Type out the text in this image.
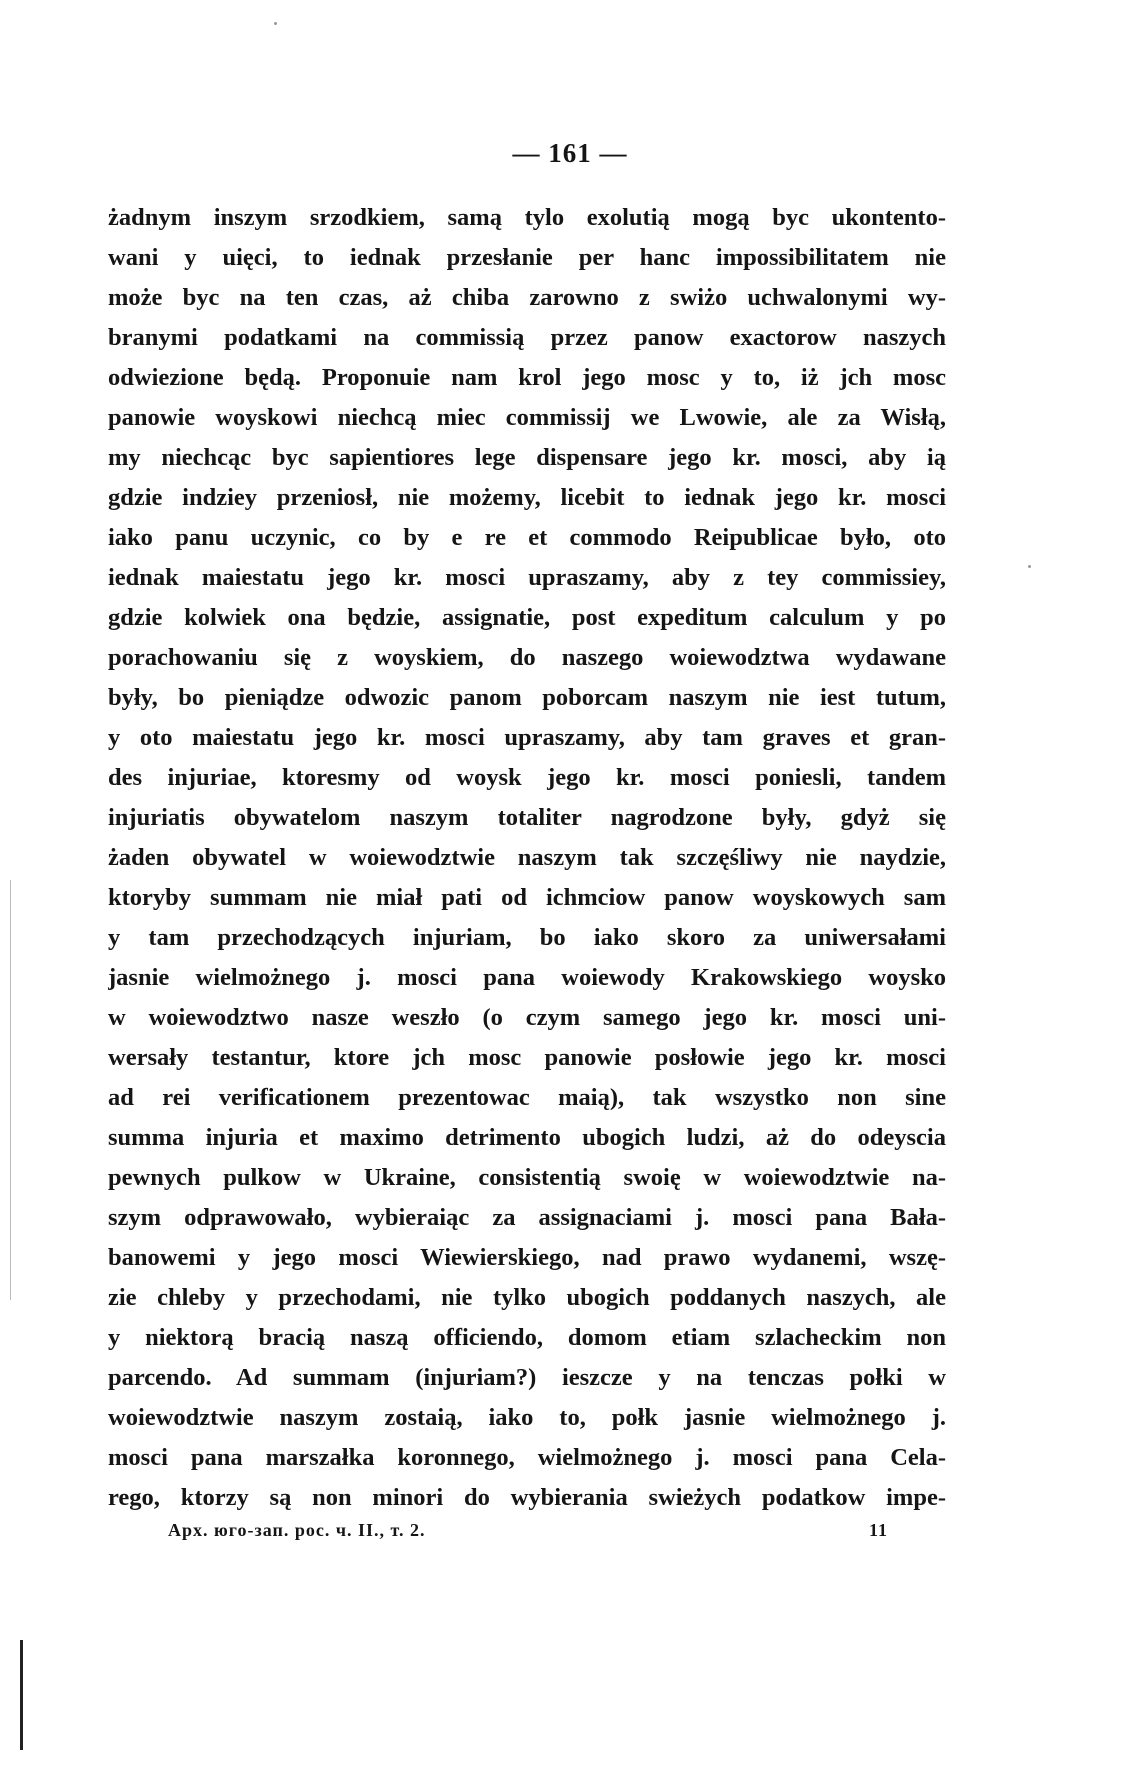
— 161 —
żadnym inszym srzodkiem, samą tylo exolutią mogą byc ukontento-
wani y uięci, to iednak przesłanie per hanc impossibilitatem nie
może byc na ten czas, aż chiba zarowno z swiżo uchwalonymi wy-
branymi podatkami na commissią przez panow exactorow naszych
odwiezione będą. Proponuie nam krol jego mosc y to, iż jch mosc
panowie woyskowi niechcą miec commissij we Lwowie, ale za Wisłą,
my niechcąc byc sapientiores lege dispensare jego kr. mosci, aby ią
gdzie indziey przeniosł, nie możemy, licebit to iednak jego kr. mosci
iako panu uczynic, co by e re et commodo Reipublicae było, oto
iednak maiestatu jego kr. mosci upraszamy, aby z tey commissiey,
gdzie kolwiek ona będzie, assignatie, post expeditum calculum y po
porachowaniu się z woyskiem, do naszego woiewodztwa wydawane
były, bo pieniądze odwozic panom poborcam naszym nie iest tutum,
y oto maiestatu jego kr. mosci upraszamy, aby tam graves et gran-
des injuriae, ktoresmy od woysk jego kr. mosci poniesli, tandem
injuriatis obywatelom naszym totaliter nagrodzone były, gdyż się
żaden obywatel w woiewodztwie naszym tak szczęśliwy nie naydzie,
ktoryby summam nie miał pati od ichmciow panow woyskowych sam
y tam przechodzących injuriam, bo iako skoro za uniwersałami
jasnie wielmożnego j. mosci pana woiewody Krakowskiego woysko
w woiewodztwo nasze weszło (o czym samego jego kr. mosci uni-
wersały testantur, ktore jch mosc panowie posłowie jego kr. mosci
ad rei verificationem prezentowac maią), tak wszystko non sine
summa injuria et maximo detrimento ubogich ludzi, aż do odeyscia
pewnych pulkow w Ukraine, consistentią swoię w woiewodztwie na-
szym odprawowało, wybieraiąc za assignaciami j. mosci pana Bała-
banowemi y jego mosci Wiewierskiego, nad prawo wydanemi, wszę-
zie chleby y przechodami, nie tylko ubogich poddanych naszych, ale
y niektorą bracią naszą officiendo, domom etiam szlacheckim non
parcendo. Ad summam (injuriam?) ieszcze y na tenczas połki w
woiewodztwie naszym zostaią, iako to, połk jasnie wielmożnego j.
mosci pana marszałka koronnego, wielmożnego j. mosci pana Cela-
rego, ktorzy są non minori do wybierania swieżych podatkow impe-
Арх. юго-зап. рос. ч. II., т. 2.	11
